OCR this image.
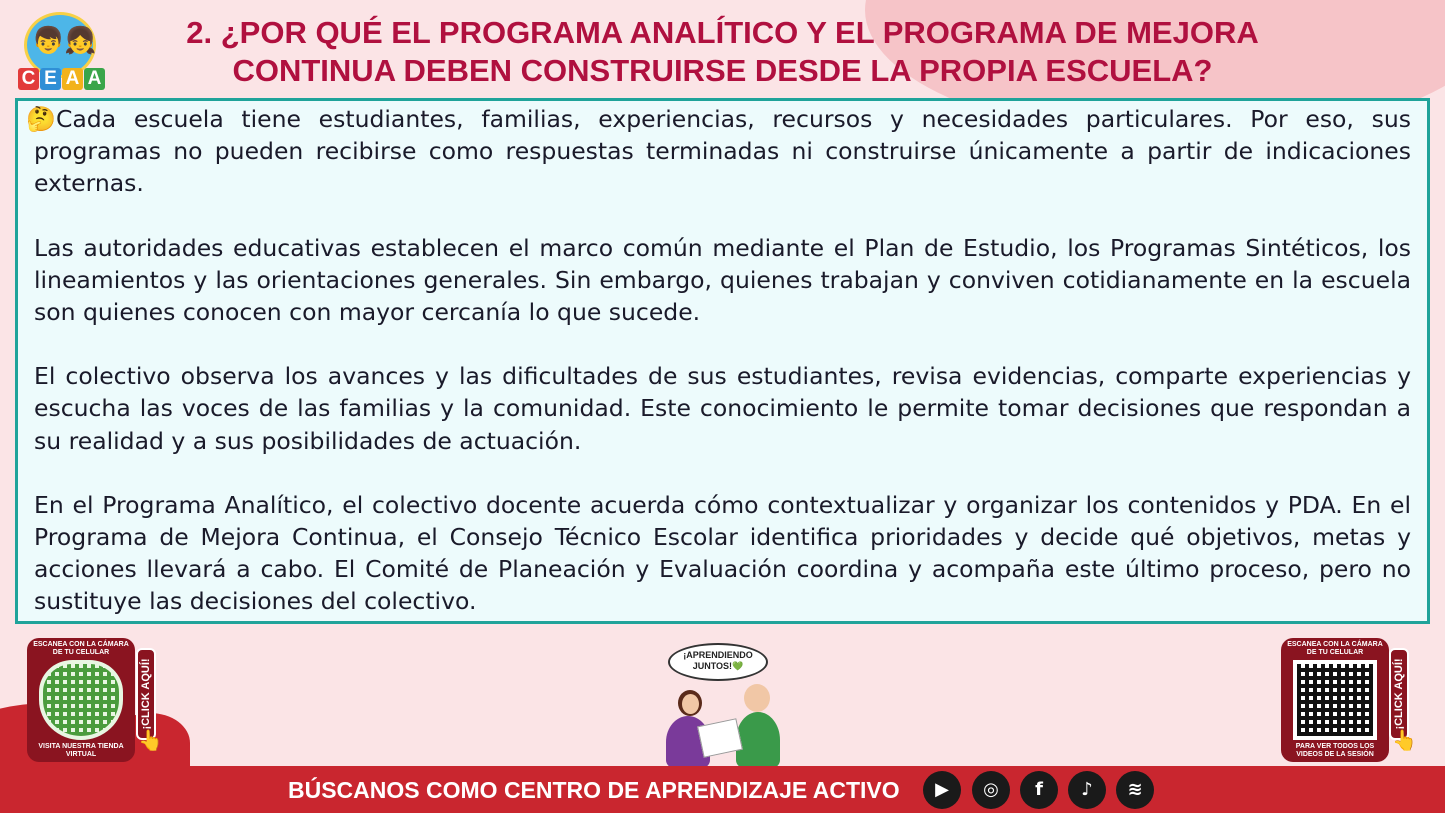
👦👧
C E A A
2. ¿POR QUÉ EL PROGRAMA ANALÍTICO Y EL PROGRAMA DE MEJORA
CONTINUA DEBEN CONSTRUIRSE DESDE LA PROPIA ESCUELA?
🤔 Cada escuela tiene estudiantes, familias, experiencias, recursos y necesidades particulares. Por eso, sus programas no pueden recibirse como respuestas terminadas ni construirse únicamente a partir de indicaciones externas.

Las autoridades educativas establecen el marco común mediante el Plan de Estudio, los Programas Sintéticos, los lineamientos y las orientaciones generales. Sin embargo, quienes trabajan y conviven cotidianamente en la escuela son quienes conocen con mayor cercanía lo que sucede.

El colectivo observa los avances y las dificultades de sus estudiantes, revisa evidencias, comparte experiencias y escucha las voces de las familias y la comunidad. Este conocimiento le permite tomar decisiones que respondan a su realidad y a sus posibilidades de actuación.

En el Programa Analítico, el colectivo docente acuerda cómo contextualizar y organizar los contenidos y PDA. En el Programa de Mejora Continua, el Consejo Técnico Escolar identifica prioridades y decide qué objetivos, metas y acciones llevará a cabo. El Comité de Planeación y Evaluación coordina y acompaña este último proceso, pero no sustituye las decisiones del colectivo.

ESCANEA CON LA CÁMARA DE TU CELULAR
VISITA NUESTRA TIENDA VIRTUAL
¡CLICK AQUÍ!
👆
¡APRENDIENDO JUNTOS!💚
ESCANEA CON LA CÁMARA DE TU CELULAR
PARA VER TODOS LOS VIDEOS DE LA SESIÓN
¡CLICK AQUÍ!
👆
BÚSCANOS COMO CENTRO DE APRENDIZAJE ACTIVO	▶	◎	f	♪	≋
